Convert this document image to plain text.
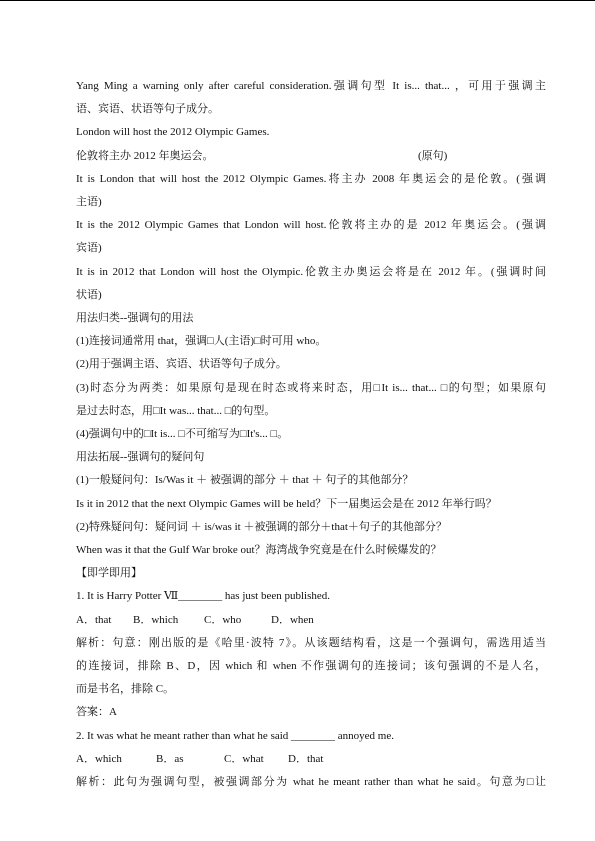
Yang Ming a warning only after careful consideration.强调句型 It is... that... ，可用于强调主

语、宾语、状语等句子成分。

London will host the 2012 Olympic Games.

伦敦将主办 2012 年奥运会。	(原句)

It is London that will host the 2012 Olympic Games.将主办 2008 年奥运会的是伦敦。(强调

主语)

It is the 2012 Olympic Games that London will host.伦敦将主办的是 2012 年奥运会。(强调

宾语)

It is in 2012 that London will host the Olympic.伦敦主办奥运会将是在 2012 年。(强调时间

状语)

用法归类--强调句的用法

(1)连接词通常用 that，强调□人(主语)□时可用 who。

(2)用于强调主语、宾语、状语等句子成分。

(3)时态分为两类：如果原句是现在时态或将来时态，用□It is... that... □的句型；如果原句

是过去时态，用□It was... that... □的句型。

(4)强调句中的□It is... □不可缩写为□It's... □。

用法拓展--强调句的疑问句

(1)一般疑问句：Is/Was it ＋ 被强调的部分 ＋ that ＋ 句子的其他部分？

Is it in 2012 that the next Olympic Games will be held？下一届奥运会是在 2012 年举行吗？

(2)特殊疑问句：疑问词 ＋ is/was it ＋被强调的部分＋that＋句子的其他部分？

When was it that the Gulf War broke out？海湾战争究竟是在什么时候爆发的？

【即学即用】

1. It is Harry Potter Ⅶ________ has just been published.

A．that	B．which	C．who	D．when

解析：句意：刚出版的是《哈里·波特 7》。从该题结构看，这是一个强调句，需选用适当

的连接词，排除 B、D，因 which 和 when 不作强调句的连接词；该句强调的不是人名，

而是书名，排除 C。

答案：A

2. It was what he meant rather than what he said ________ annoyed me.

A．which	B．as	C．what	D．that

解析：此句为强调句型，被强调部分为 what he meant rather than what he said。句意为□让
